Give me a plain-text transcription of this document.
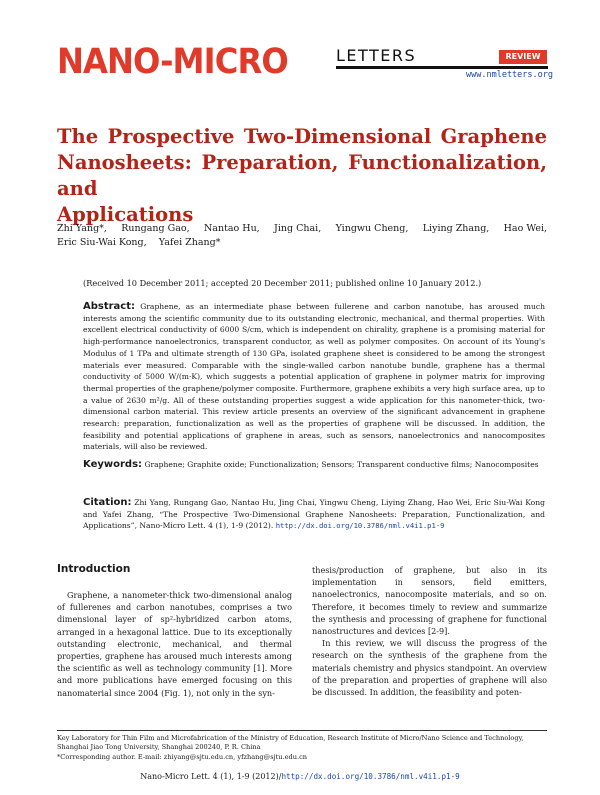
NANO-MICRO	LETTERS	REVIEW
www.nmletters.org
The Prospective Two-Dimensional Graphene
Nanosheets: Preparation, Functionalization, and
Applications
Zhi Yang*, Rungang Gao, Nantao Hu, Jing Chai, Yingwu Cheng, Liying Zhang, Hao Wei,
Eric Siu-Wai Kong, Yafei Zhang*
(Received 10 December 2011; accepted 20 December 2011; published online 10 January 2012.)
Abstract: Graphene, as an intermediate phase between fullerene and carbon nanotube, has aroused much interests among the scientific community due to its outstanding electronic, mechanical, and thermal properties. With excellent electrical conductivity of 6000 S/cm, which is independent on chirality, graphene is a promising material for high-performance nanoelectronics, transparent conductor, as well as polymer composites. On account of its Young's Modulus of 1 TPa and ultimate strength of 130 GPa, isolated graphene sheet is considered to be among the strongest materials ever measured. Comparable with the single-walled carbon nanotube bundle, graphene has a thermal conductivity of 5000 W/(m·K), which suggests a potential application of graphene in polymer matrix for improving thermal properties of the graphene/polymer composite. Furthermore, graphene exhibits a very high surface area, up to a value of 2630 m²/g. All of these outstanding properties suggest a wide application for this nanometer-thick, two-dimensional carbon material. This review article presents an overview of the significant advancement in graphene research: preparation, functionalization as well as the properties of graphene will be discussed. In addition, the feasibility and potential applications of graphene in areas, such as sensors, nanoelectronics and nanocomposites materials, will also be reviewed.
Keywords: Graphene; Graphite oxide; Functionalization; Sensors; Transparent conductive films; Nanocomposites
Citation: Zhi Yang, Rungang Gao, Nantao Hu, Jing Chai, Yingwu Cheng, Liying Zhang, Hao Wei, Eric Siu-Wai Kong and Yafei Zhang, “The Prospective Two-Dimensional Graphene Nanosheets: Preparation, Functionalization, and Applications”, Nano-Micro Lett. 4 (1), 1-9 (2012). http://dx.doi.org/10.3786/nml.v4i1.p1-9
Introduction

Graphene, a nanometer-thick two-dimensional analog of fullerenes and carbon nanotubes, comprises a two dimensional layer of sp²-hybridized carbon atoms, arranged in a hexagonal lattice. Due to its exceptionally outstanding electronic, mechanical, and thermal properties, graphene has aroused much interests among the scientific as well as technology community [1]. More and more publications have emerged focusing on this nanomaterial since 2004 (Fig. 1), not only in the syn-

thesis/production of graphene, but also in its implementation in sensors, field emitters, nanoelectronics, nanocomposite materials, and so on. Therefore, it becomes timely to review and summarize the synthesis and processing of graphene for functional nanostructures and devices [2-9].

In this review, we will discuss the progress of the research on the synthesis of the graphene from the materials chemistry and physics standpoint. An overview of the preparation and properties of graphene will also be discussed. In addition, the feasibility and poten-

Key Laboratory for Thin Film and Microfabrication of the Ministry of Education, Research Institute of Micro/Nano Science and Technology, Shanghai Jiao Tong University, Shanghai 200240, P. R. China
*Corresponding author. E-mail: zhiyang@sjtu.edu.cn, yfzhang@sjtu.edu.cn
Nano-Micro Lett. 4 (1), 1-9 (2012)/http://dx.doi.org/10.3786/nml.v4i1.p1-9
